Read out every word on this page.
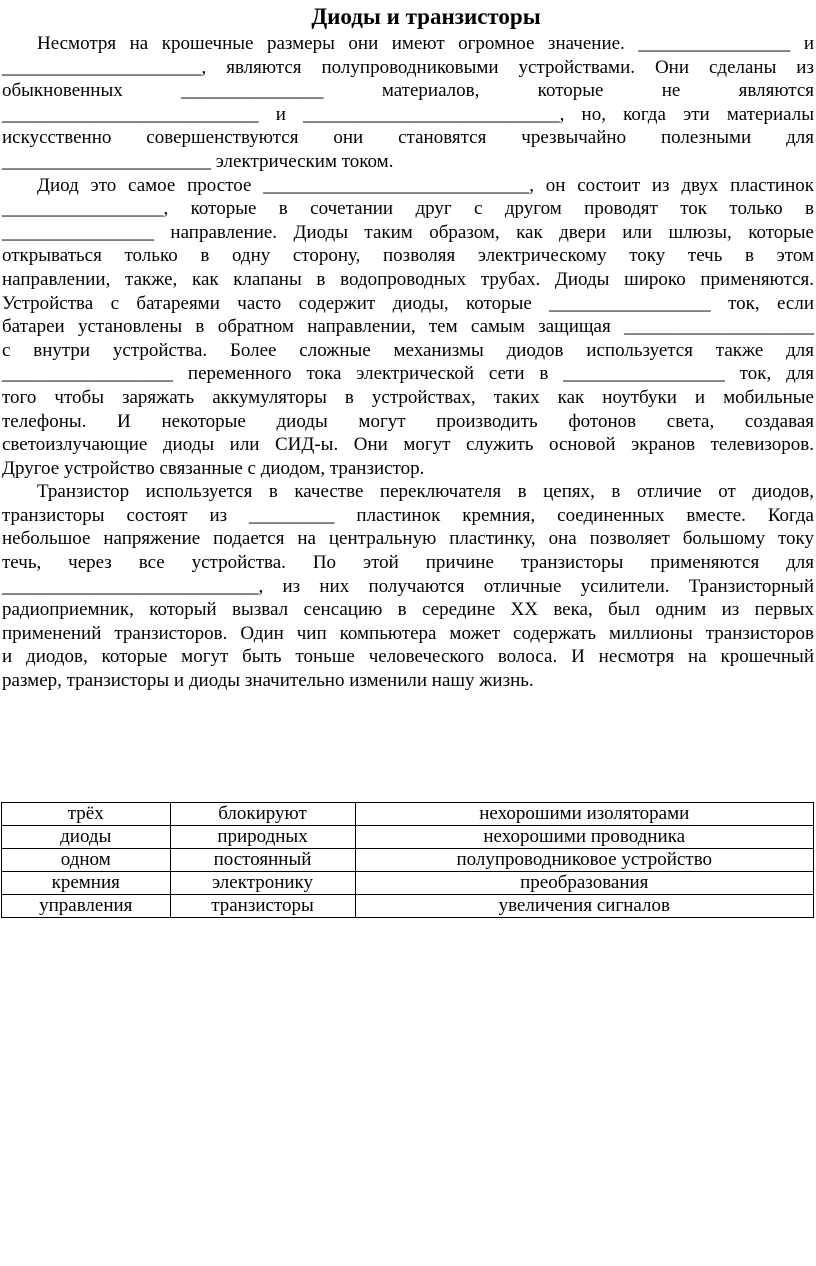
Диоды и транзисторы

Несмотря на крошечные размеры они имеют огромное значение. ________________ и
_____________________, являются полупроводниковыми устройствами. Они сделаны из
обыкновенных _______________ материалов, которые не являются
___________________________ и ___________________________, но, когда эти материалы
искусственно совершенствуются они становятся чрезвычайно полезными для
______________________ электрическим током.

Диод это самое простое ____________________________, он состоит из двух пластинок
_________________, которые в сочетании друг с другом проводят ток только в
________________ направление. Диоды таким образом, как двери или шлюзы, которые
открываться только в одну сторону, позволяя электрическому току течь в этом
направлении, также, как клапаны в водопроводных трубах. Диоды широко применяются.
Устройства с батареями часто содержит диоды, которые _________________ ток, если
батареи установлены в обратном направлении, тем самым защищая ____________________
с внутри устройства. Более сложные механизмы диодов используется также для
__________________ переменного тока электрической сети в _________________ ток, для
того чтобы заряжать аккумуляторы в устройствах, таких как ноутбуки и мобильные
телефоны. И некоторые диоды могут производить фотонов света, создавая
светоизлучающие диоды или СИД-ы. Они могут служить основой экранов телевизоров.
Другое устройство связанные с диодом, транзистор.

Транзистор используется в качестве переключателя в цепях, в отличие от диодов,
транзисторы состоят из _________ пластинок кремния, соединенных вместе. Когда
небольшое напряжение подается на центральную пластинку, она позволяет большому току
течь, через все устройства. По этой причине транзисторы применяются для
___________________________, из них получаются отличные усилители. Транзисторный
радиоприемник, который вызвал сенсацию в середине XX века, был одним из первых
применений транзисторов. Один чип компьютера может содержать миллионы транзисторов
и диодов, которые могут быть тоньше человеческого волоса. И несмотря на крошечный
размер, транзисторы и диоды значительно изменили нашу жизнь.

трёх	блокируют	нехорошими изоляторами
диоды	природных	нехорошими проводника
одном	постоянный	полупроводниковое устройство
кремния	электронику	преобразования
управления	транзисторы	увеличения сигналов
